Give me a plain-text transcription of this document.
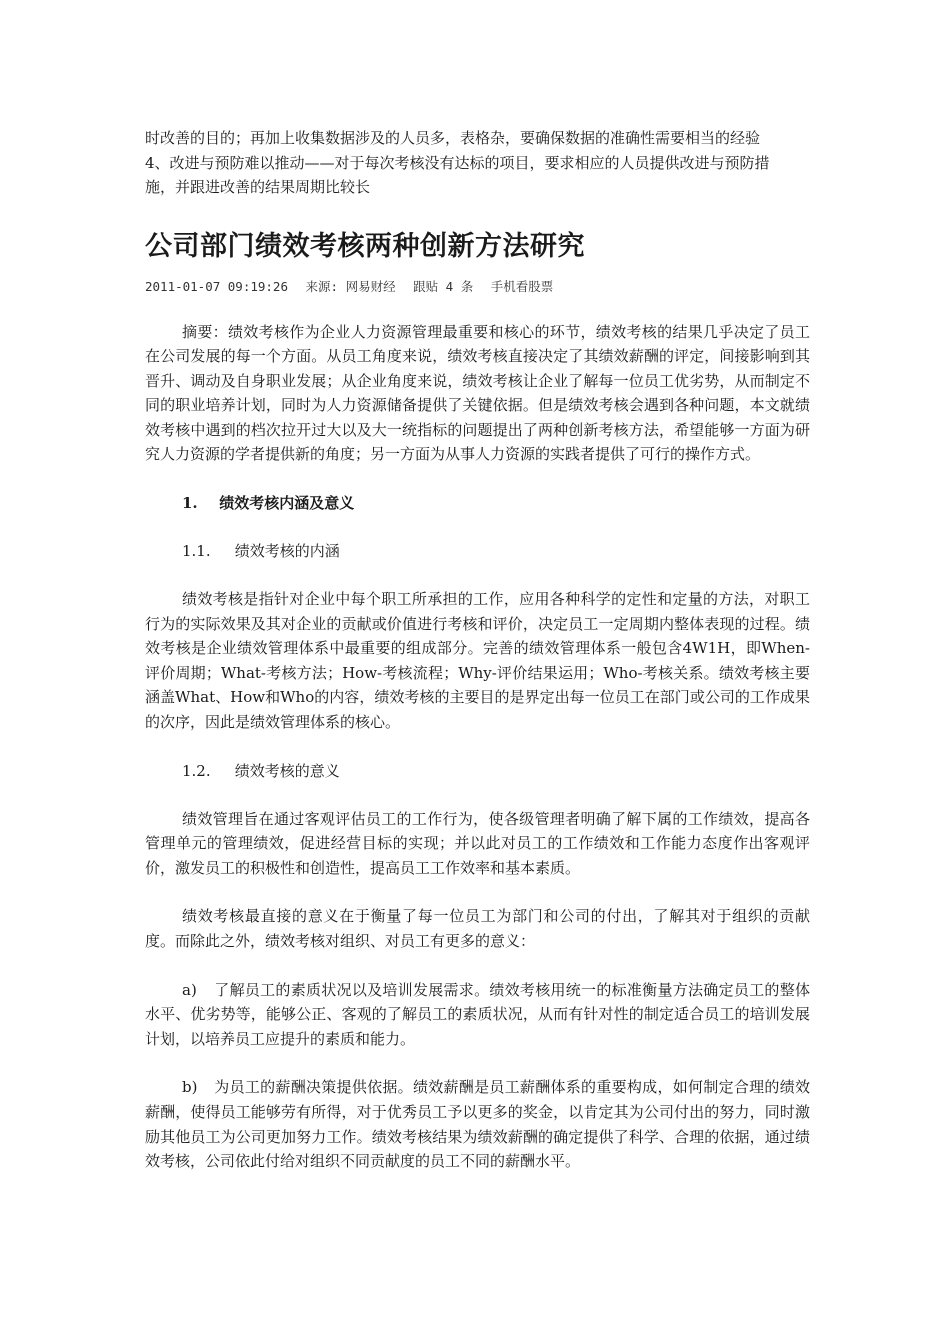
时改善的目的；再加上收集数据涉及的人员多，表格杂，要确保数据的准确性需要相当的经验

4、改进与预防难以推动——对于每次考核没有达标的项目，要求相应的人员提供改进与预防措

施，并跟进改善的结果周期比较长

公司部门绩效考核两种创新方法研究
2011-01-07 09:19:26 来源: 网易财经 跟贴 4 条 手机看股票

摘要：绩效考核作为企业人力资源管理最重要和核心的环节，绩效考核的结果几乎决定了员工在公司发展的每一个方面。从员工角度来说，绩效考核直接决定了其绩效薪酬的评定，间接影响到其晋升、调动及自身职业发展；从企业角度来说，绩效考核让企业了解每一位员工优劣势，从而制定不同的职业培养计划，同时为人力资源储备提供了关键依据。但是绩效考核会遇到各种问题，本文就绩效考核中遇到的档次拉开过大以及大一统指标的问题提出了两种创新考核方法，希望能够一方面为研究人力资源的学者提供新的角度；另一方面为从事人力资源的实践者提供了可行的操作方式。

1. 绩效考核内涵及意义
1.1. 绩效考核的内涵

绩效考核是指针对企业中每个职工所承担的工作，应用各种科学的定性和定量的方法，对职工行为的实际效果及其对企业的贡献或价值进行考核和评价，决定员工一定周期内整体表现的过程。绩效考核是企业绩效管理体系中最重要的组成部分。完善的绩效管理体系一般包含4W1H，即When-评价周期；What-考核方法；How-考核流程；Why-评价结果运用；Who-考核关系。绩效考核主要涵盖What、How和Who的内容，绩效考核的主要目的是界定出每一位员工在部门或公司的工作成果的次序，因此是绩效管理体系的核心。

1.2. 绩效考核的意义

绩效管理旨在通过客观评估员工的工作行为，使各级管理者明确了解下属的工作绩效，提高各管理单元的管理绩效，促进经营目标的实现；并以此对员工的工作绩效和工作能力态度作出客观评价，激发员工的积极性和创造性，提高员工工作效率和基本素质。

绩效考核最直接的意义在于衡量了每一位员工为部门和公司的付出，了解其对于组织的贡献度。而除此之外，绩效考核对组织、对员工有更多的意义：

a) 了解员工的素质状况以及培训发展需求。绩效考核用统一的标准衡量方法确定员工的整体水平、优劣势等，能够公正、客观的了解员工的素质状况，从而有针对性的制定适合员工的培训发展计划，以培养员工应提升的素质和能力。

b) 为员工的薪酬决策提供依据。绩效薪酬是员工薪酬体系的重要构成，如何制定合理的绩效薪酬，使得员工能够劳有所得，对于优秀员工予以更多的奖金，以肯定其为公司付出的努力，同时激励其他员工为公司更加努力工作。绩效考核结果为绩效薪酬的确定提供了科学、合理的依据，通过绩效考核，公司依此付给对组织不同贡献度的员工不同的薪酬水平。
